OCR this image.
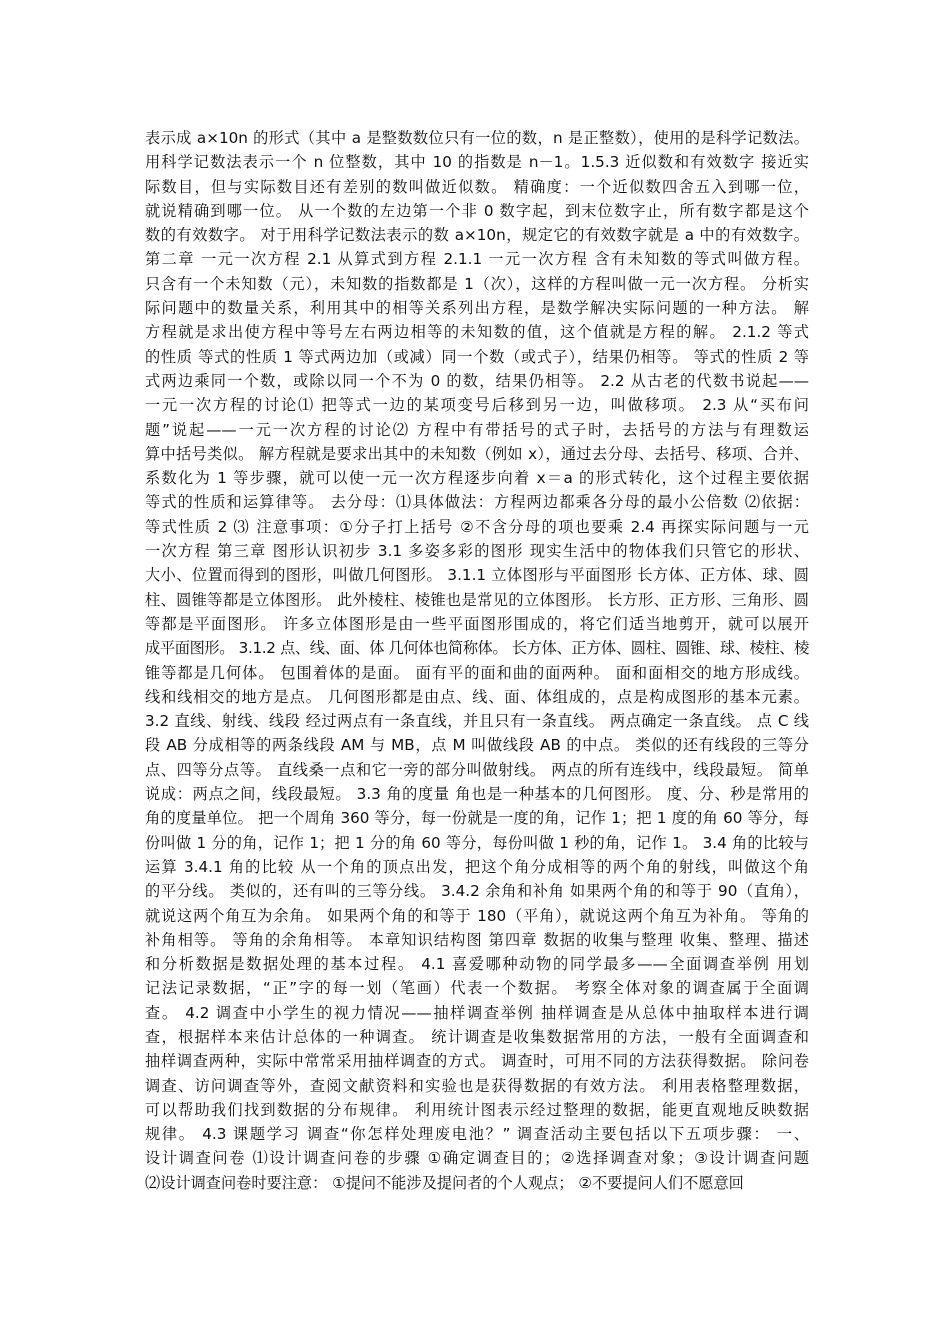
表示成 a×10n 的形式（其中 a 是整数数位只有一位的数，n 是正整数），使用的是科学记数法。
用科学记数法表示一个 n 位整数，其中 10 的指数是 n－1。1.5.3 近似数和有效数字 接近实
际数目，但与实际数目还有差别的数叫做近似数。 精确度：一个近似数四舍五入到哪一位，
就说精确到哪一位。 从一个数的左边第一个非 0 数字起，到末位数字止，所有数字都是这个
数的有效数字。 对于用科学记数法表示的数 a×10n，规定它的有效数字就是 a 中的有效数字。
第二章 一元一次方程 2.1 从算式到方程 2.1.1 一元一次方程 含有未知数的等式叫做方程。
只含有一个未知数（元），未知数的指数都是 1（次），这样的方程叫做一元一次方程。 分析实
际问题中的数量关系，利用其中的相等关系列出方程，是数学解决实际问题的一种方法。 解
方程就是求出使方程中等号左右两边相等的未知数的值，这个值就是方程的解。 2.1.2 等式
的性质 等式的性质 1 等式两边加（或减）同一个数（或式子），结果仍相等。 等式的性质 2 等
式两边乘同一个数，或除以同一个不为 0 的数，结果仍相等。 2.2 从古老的代数书说起——
一元一次方程的讨论⑴ 把等式一边的某项变号后移到另一边，叫做移项。 2.3 从“买布问
题”说起——一元一次方程的讨论⑵ 方程中有带括号的式子时，去括号的方法与有理数运
算中括号类似。 解方程就是要求出其中的未知数（例如 x），通过去分母、去括号、移项、合并、
系数化为 1 等步骤，就可以使一元一次方程逐步向着 x＝a 的形式转化，这个过程主要依据
等式的性质和运算律等。 去分母：⑴具体做法：方程两边都乘各分母的最小公倍数 ⑵依据：
等式性质 2 ⑶ 注意事项：①分子打上括号 ②不含分母的项也要乘 2.4 再探实际问题与一元
一次方程 第三章 图形认识初步 3.1 多姿多彩的图形 现实生活中的物体我们只管它的形状、
大小、位置而得到的图形，叫做几何图形。 3.1.1 立体图形与平面图形 长方体、正方体、球、圆
柱、圆锥等都是立体图形。 此外棱柱、棱锥也是常见的立体图形。 长方形、正方形、三角形、圆
等都是平面图形。 许多立体图形是由一些平面图形围成的，将它们适当地剪开，就可以展开
成平面图形。 3.1.2 点、线、面、体 几何体也简称体。 长方体、正方体、圆柱、圆锥、球、棱柱、棱
锥等都是几何体。 包围着体的是面。 面有平的面和曲的面两种。 面和面相交的地方形成线。
线和线相交的地方是点。 几何图形都是由点、线、面、体组成的，点是构成图形的基本元素。
3.2 直线、射线、线段 经过两点有一条直线，并且只有一条直线。 两点确定一条直线。 点 C 线
段 AB 分成相等的两条线段 AM 与 MB，点 M 叫做线段 AB 的中点。 类似的还有线段的三等分
点、四等分点等。 直线桑一点和它一旁的部分叫做射线。 两点的所有连线中，线段最短。 简单
说成：两点之间，线段最短。 3.3 角的度量 角也是一种基本的几何图形。 度、分、秒是常用的
角的度量单位。 把一个周角 360 等分，每一份就是一度的角，记作 1；把 1 度的角 60 等分，每
份叫做 1 分的角，记作 1；把 1 分的角 60 等分，每份叫做 1 秒的角，记作 1。 3.4 角的比较与
运算 3.4.1 角的比较 从一个角的顶点出发，把这个角分成相等的两个角的射线，叫做这个角
的平分线。 类似的，还有叫的三等分线。 3.4.2 余角和补角 如果两个角的和等于 90（直角），
就说这两个角互为余角。 如果两个角的和等于 180（平角），就说这两个角互为补角。 等角的
补角相等。 等角的余角相等。 本章知识结构图 第四章 数据的收集与整理 收集、整理、描述
和分析数据是数据处理的基本过程。 4.1 喜爱哪种动物的同学最多——全面调查举例 用划
记法记录数据，“正”字的每一划（笔画）代表一个数据。 考察全体对象的调查属于全面调
查。 4.2 调查中小学生的视力情况——抽样调查举例 抽样调查是从总体中抽取样本进行调
查，根据样本来估计总体的一种调查。 统计调查是收集数据常用的方法，一般有全面调查和
抽样调查两种，实际中常常采用抽样调查的方式。 调查时，可用不同的方法获得数据。 除问卷
调查、访问调查等外，查阅文献资料和实验也是获得数据的有效方法。 利用表格整理数据，
可以帮助我们找到数据的分布规律。 利用统计图表示经过整理的数据，能更直观地反映数据
规律。 4.3 课题学习 调查“你怎样处理废电池？” 调查活动主要包括以下五项步骤： 一、
设计调查问卷 ⑴设计调查问卷的步骤 ①确定调查目的；②选择调查对象；③设计调查问题
⑵设计调查问卷时要注意： ①提问不能涉及提问者的个人观点； ②不要提问人们不愿意回
